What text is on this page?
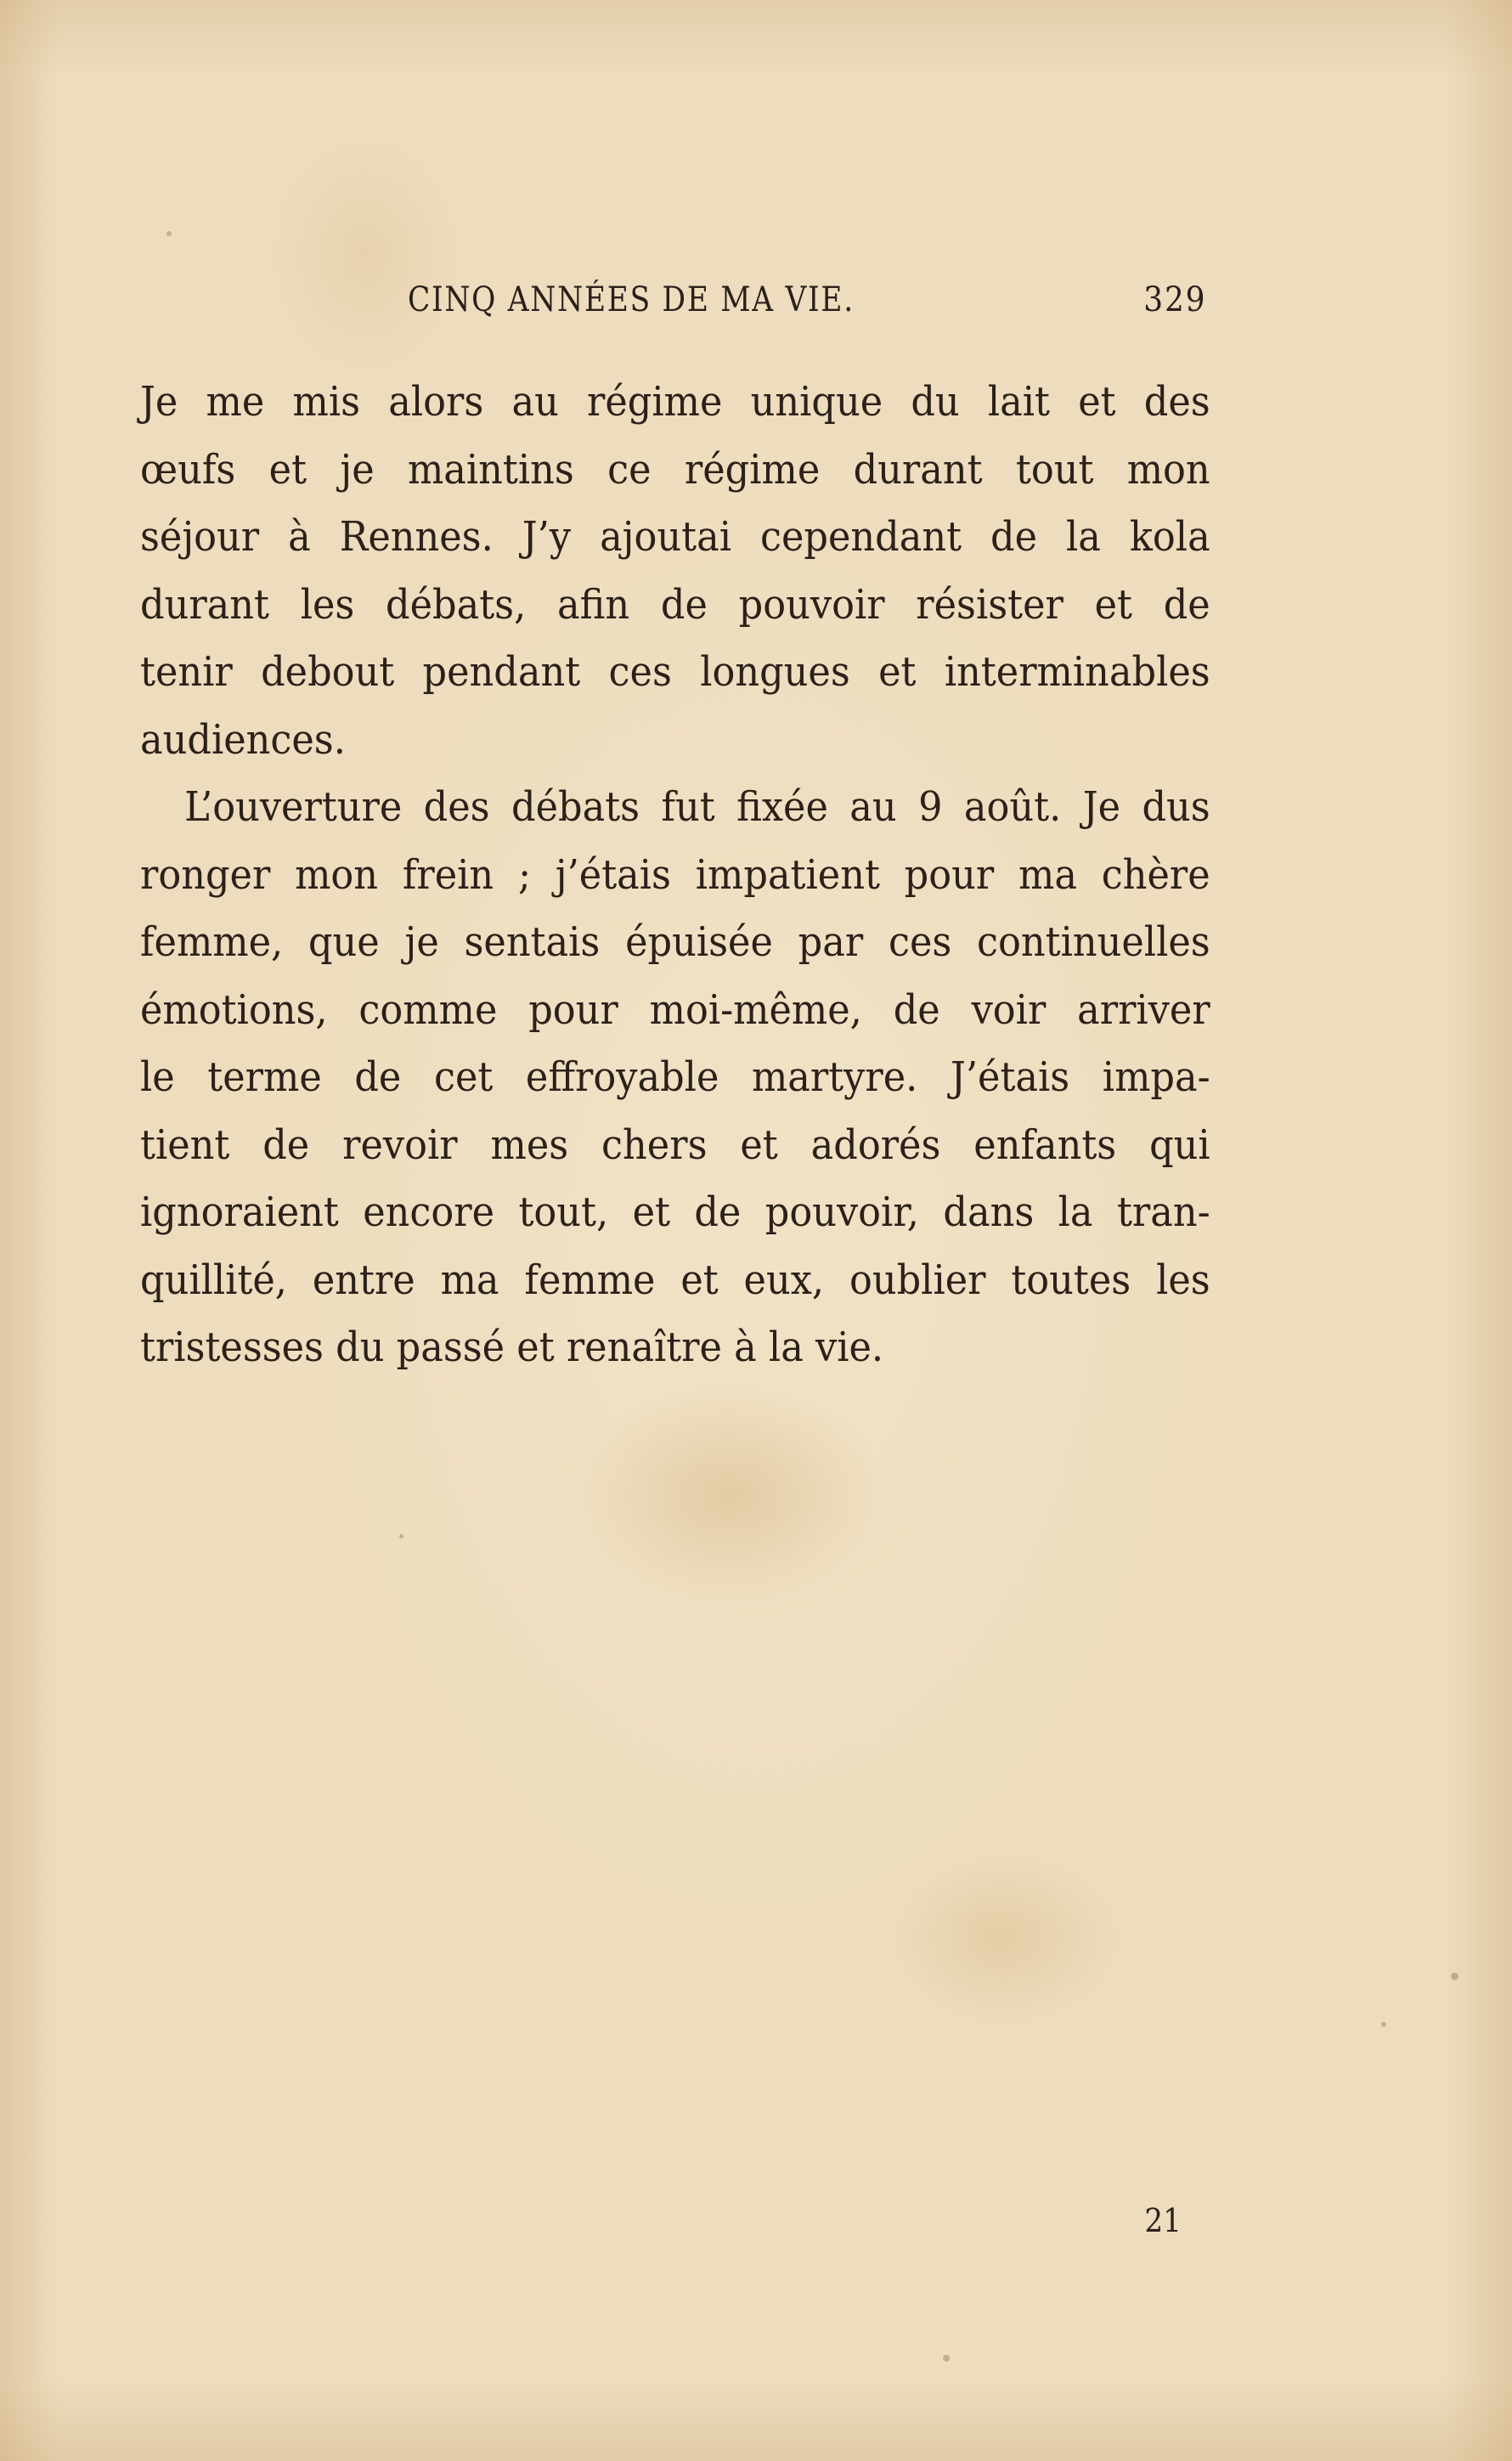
CINQ ANNÉES DE MA VIE.	329
Je me mis alors au régime unique du lait et des
œufs et je maintins ce régime durant tout mon
séjour à Rennes. J’y ajoutai cependant de la kola
durant les débats, afin de pouvoir résister et de
tenir debout pendant ces longues et interminables
audiences.
L’ouverture des débats fut fixée au 9 août. Je dus
ronger mon frein ; j’étais impatient pour ma chère
femme, que je sentais épuisée par ces continuelles
émotions, comme pour moi-même, de voir arriver
le terme de cet effroyable martyre. J’étais impa-
tient de revoir mes chers et adorés enfants qui
ignoraient encore tout, et de pouvoir, dans la tran-
quillité, entre ma femme et eux, oublier toutes les
tristesses du passé et renaître à la vie.
21
